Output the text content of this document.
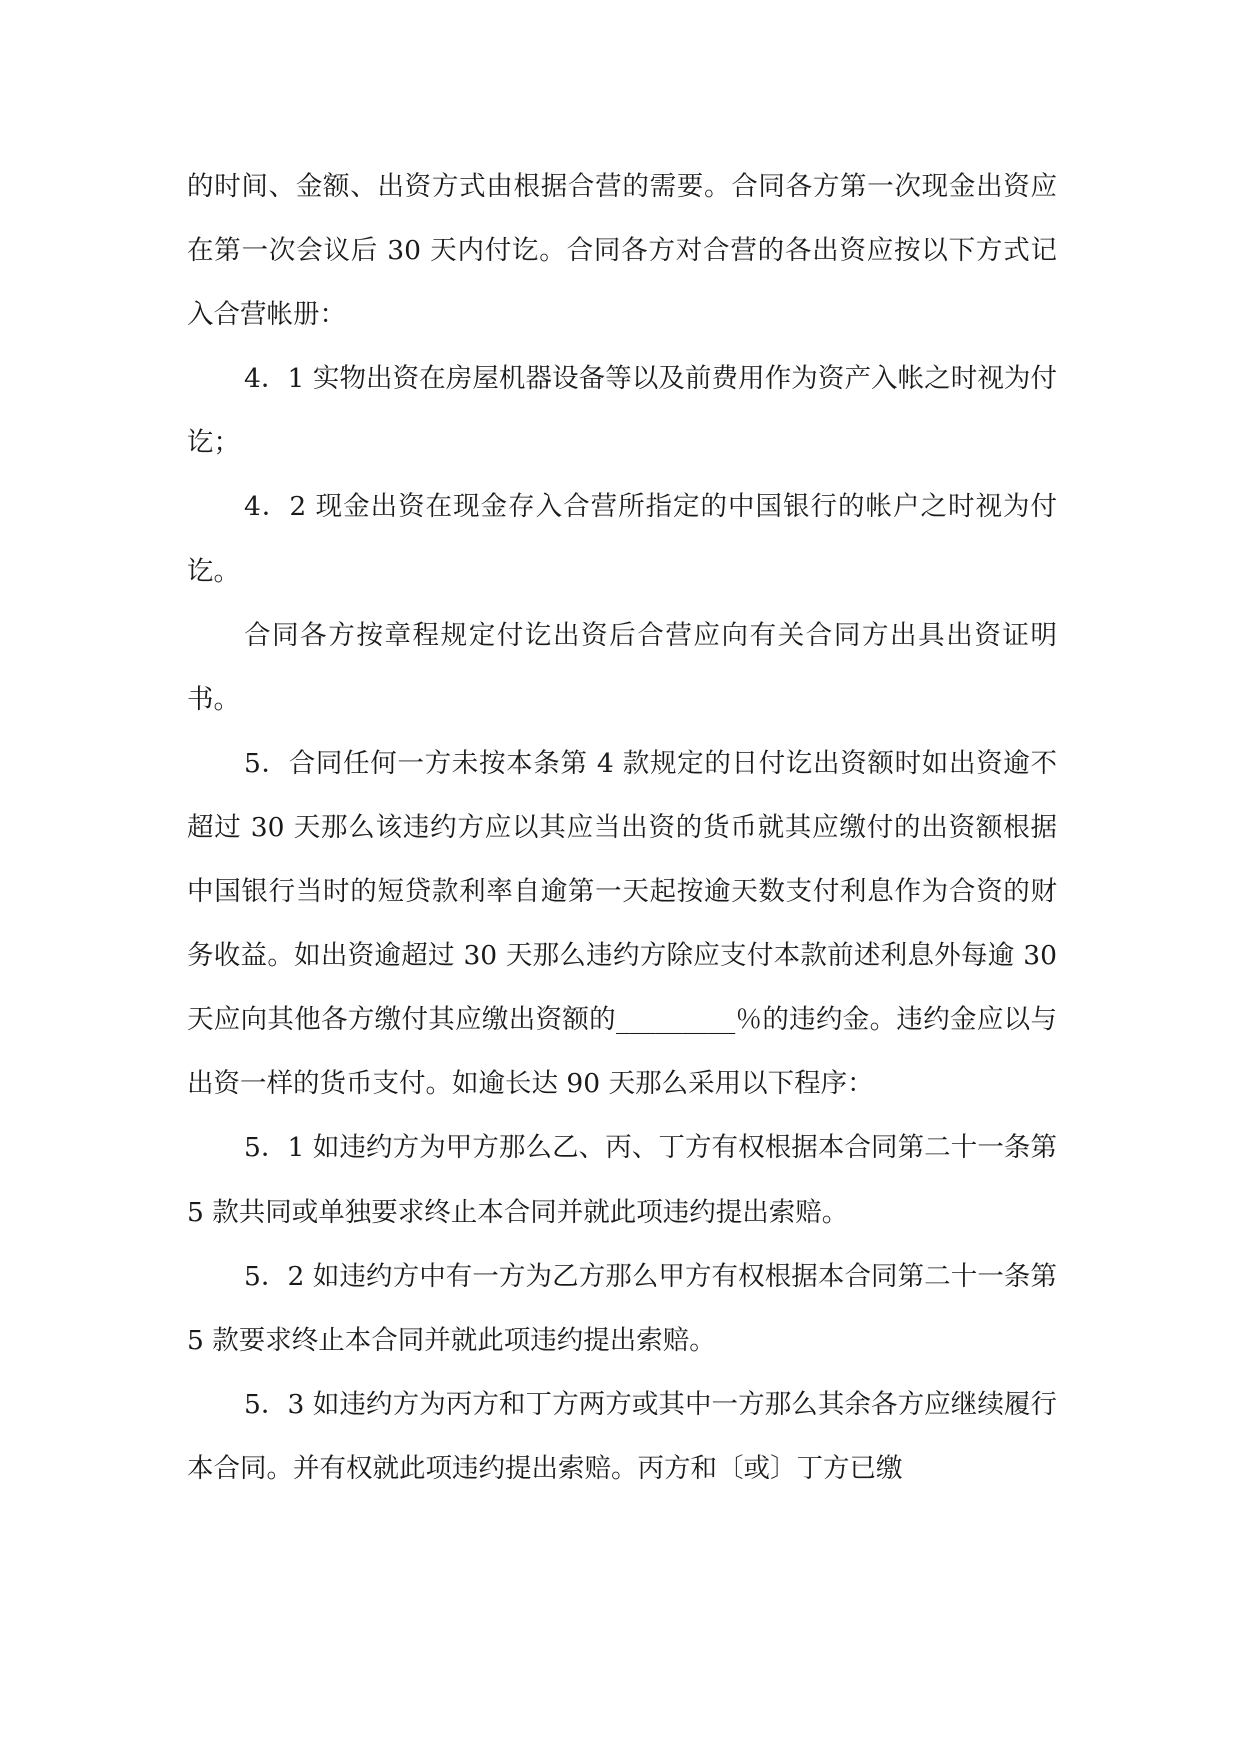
的时间、金额、出资方式由根据合营的需要。合同各方第一次现金出资应在第一次会议后 30 天内付讫。合同各方对合营的各出资应按以下方式记入合营帐册：

4．1 实物出资在房屋机器设备等以及前费用作为资产入帐之时视为付讫；

4．2 现金出资在现金存入合营所指定的中国银行的帐户之时视为付讫。

合同各方按章程规定付讫出资后合营应向有关合同方出具出资证明书。

5．合同任何一方未按本条第 4 款规定的日付讫出资额时如出资逾不超过 30 天那么该违约方应以其应当出资的货币就其应缴付的出资额根据中国银行当时的短贷款利率自逾第一天起按逾天数支付利息作为合资的财务收益。如出资逾超过 30 天那么违约方除应支付本款前述利息外每逾 30 天应向其他各方缴付其应缴出资额的_________％的违约金。违约金应以与出资一样的货币支付。如逾长达 90 天那么采用以下程序：

5．1 如违约方为甲方那么乙、丙、丁方有权根据本合同第二十一条第 5 款共同或单独要求终止本合同并就此项违约提出索赔。

5．2 如违约方中有一方为乙方那么甲方有权根据本合同第二十一条第 5 款要求终止本合同并就此项违约提出索赔。

5．3 如违约方为丙方和丁方两方或其中一方那么其余各方应继续履行本合同。并有权就此项违约提出索赔。丙方和〔或〕丁方已缴
